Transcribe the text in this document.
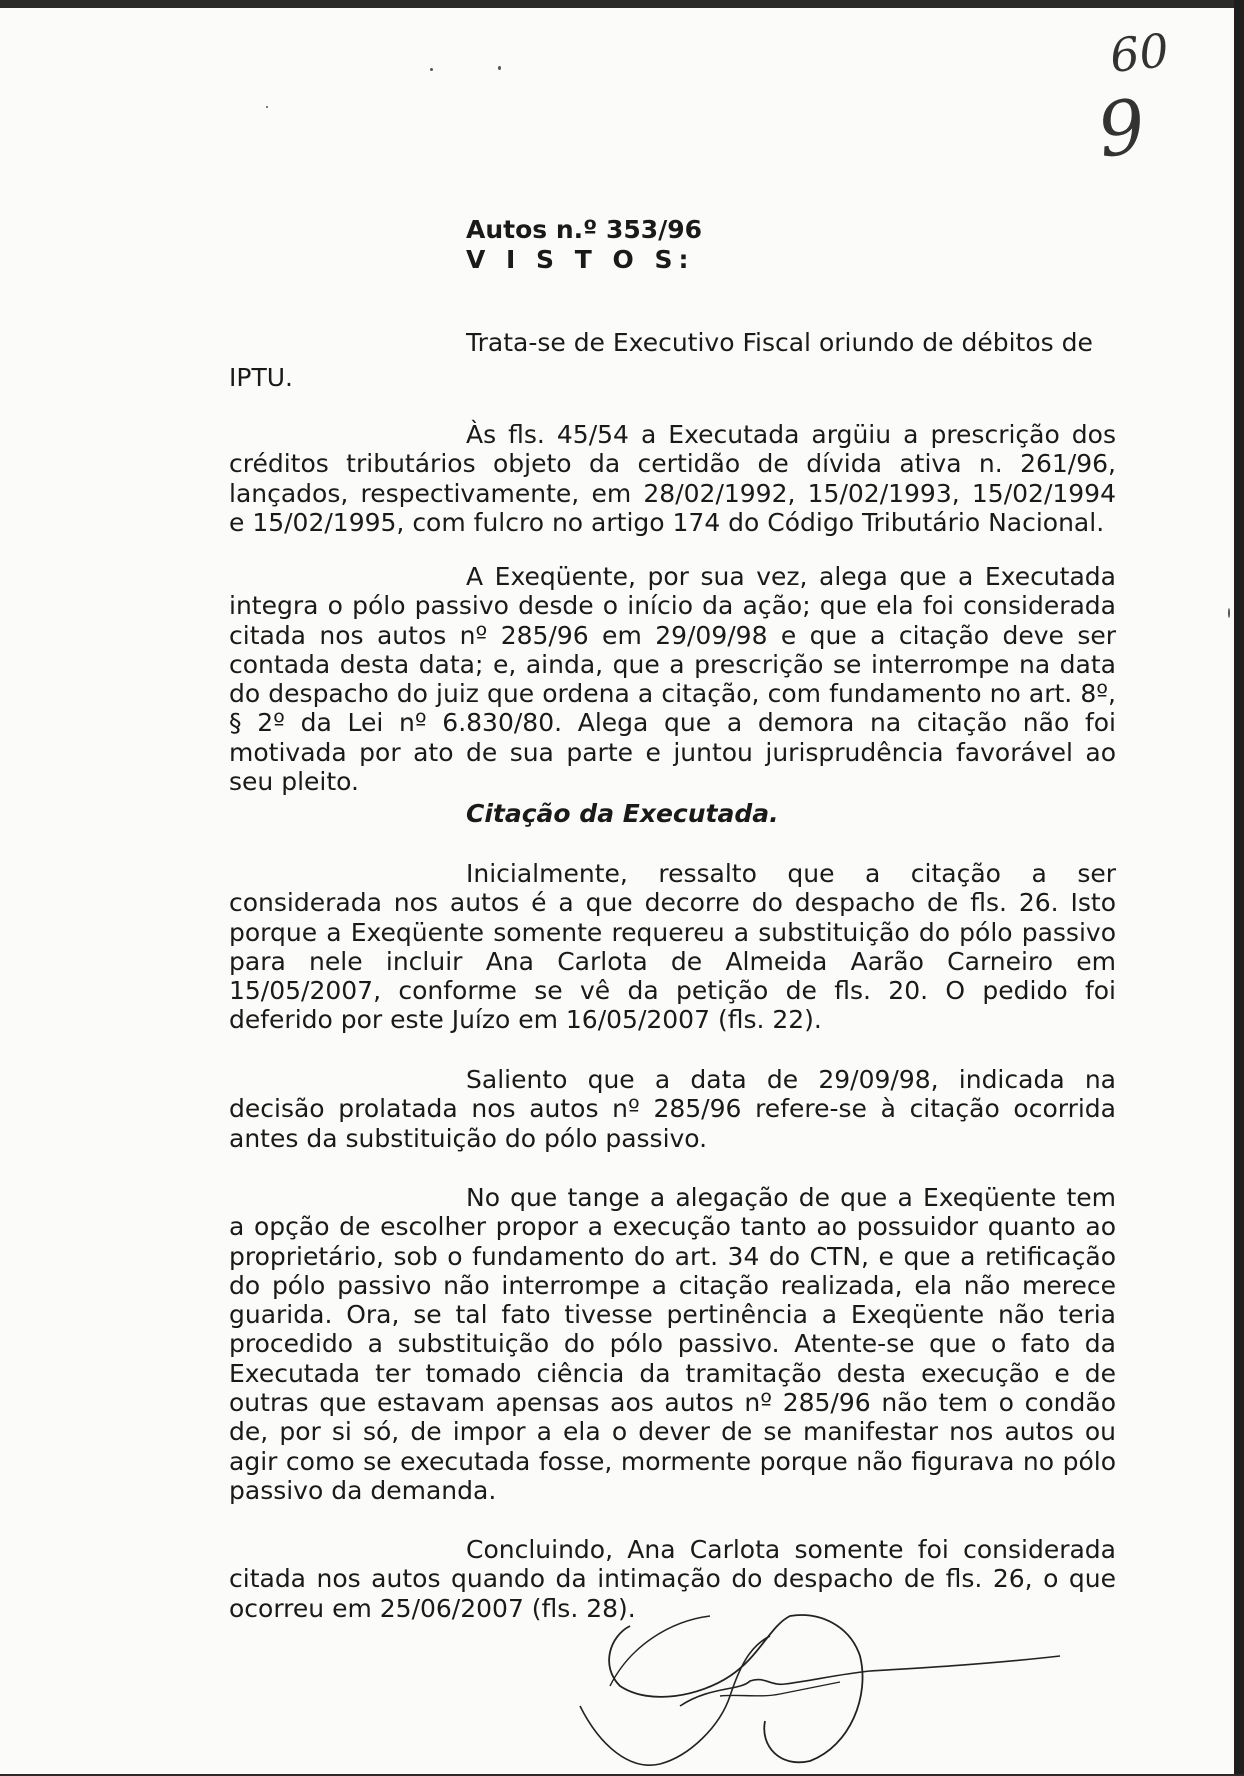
60
9
Autos n.º 353/96
V I S T O S:
Trata-se de Executivo Fiscal oriundo de débitos de
IPTU.
Às fls. 45/54 a Executada argüiu a prescrição dos créditos tributários objeto da certidão de dívida ativa n. 261/96, lançados, respectivamente, em 28/02/1992, 15/02/1993, 15/02/1994 e 15/02/1995, com fulcro no artigo 174 do Código Tributário Nacional.
A Exeqüente, por sua vez, alega que a Executada integra o pólo passivo desde o início da ação; que ela foi considerada citada nos autos nº 285/96 em 29/09/98 e que a citação deve ser contada desta data; e, ainda, que a prescrição se interrompe na data do despacho do juiz que ordena a citação, com fundamento no art. 8º, § 2º da Lei nº 6.830/80. Alega que a demora na citação não foi motivada por ato de sua parte e juntou jurisprudência favorável ao seu pleito.
Citação da Executada.
Inicialmente, ressalto que a citação a ser considerada nos autos é a que decorre do despacho de fls. 26. Isto porque a Exeqüente somente requereu a substituição do pólo passivo para nele incluir Ana Carlota de Almeida Aarão Carneiro em 15/05/2007, conforme se vê da petição de fls. 20. O pedido foi deferido por este Juízo em 16/05/2007 (fls. 22).
Saliento que a data de 29/09/98, indicada na decisão prolatada nos autos nº 285/96 refere-se à citação ocorrida antes da substituição do pólo passivo.
No que tange a alegação de que a Exeqüente tem a opção de escolher propor a execução tanto ao possuidor quanto ao proprietário, sob o fundamento do art. 34 do CTN, e que a retificação do pólo passivo não interrompe a citação realizada, ela não merece guarida. Ora, se tal fato tivesse pertinência a Exeqüente não teria procedido a substituição do pólo passivo. Atente-se que o fato da Executada ter tomado ciência da tramitação desta execução e de outras que estavam apensas aos autos nº 285/96 não tem o condão de, por si só, de impor a ela o dever de se manifestar nos autos ou agir como se executada fosse, mormente porque não figurava no pólo passivo da demanda.
Concluindo, Ana Carlota somente foi considerada citada nos autos quando da intimação do despacho de fls. 26, o que ocorreu em 25/06/2007 (fls. 28).
